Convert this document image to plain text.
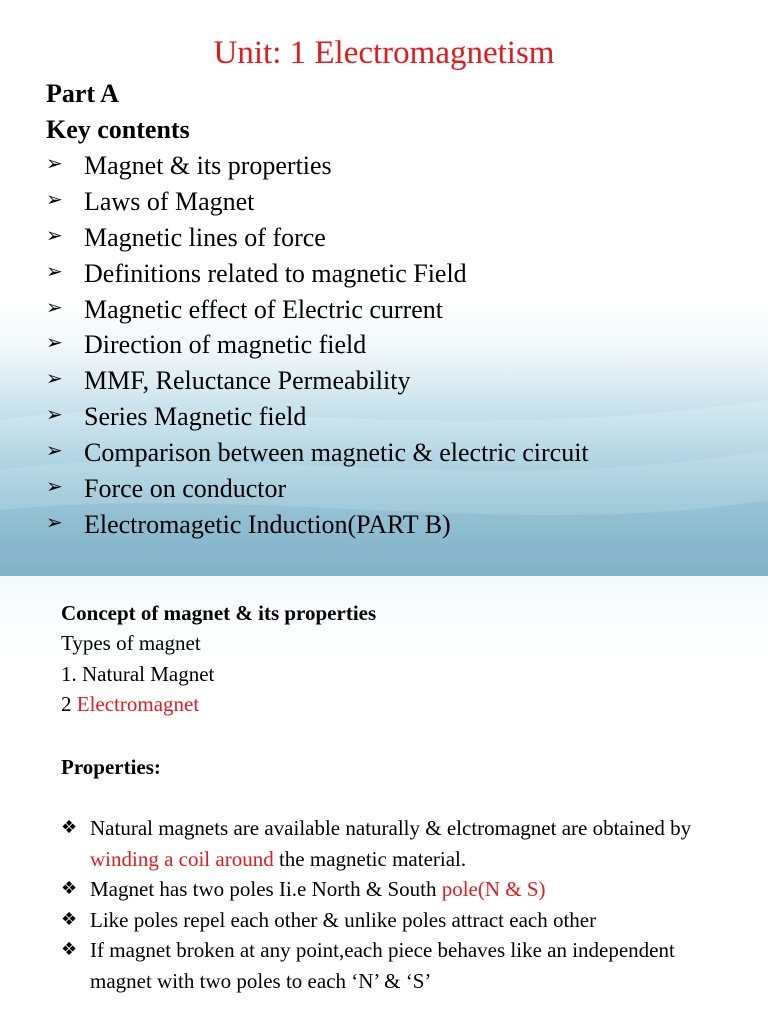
Unit: 1 Electromagnetism

Part A

Key contents

➢ Magnet & its properties
➢ Laws of Magnet
➢ Magnetic lines of force
➢ Definitions related to magnetic Field
➢ Magnetic effect of Electric current
➢ Direction of magnetic field
➢ MMF, Reluctance Permeability
➢ Series Magnetic field
➢ Comparison between magnetic & electric circuit
➢ Force on conductor
➢ Electromagetic Induction(PART B)

Concept of magnet & its properties

Types of magnet

1. Natural Magnet

2 Electromagnet

Properties:

❖ Natural magnets are available naturally & elctromagnet are obtained by winding a coil around the magnetic material.
❖ Magnet has two poles Ii.e North & South pole(N & S)
❖ Like poles repel each other & unlike poles attract each other
❖ If magnet broken at any point,each piece behaves like an independent magnet with two poles to each ‘N’ & ‘S’
